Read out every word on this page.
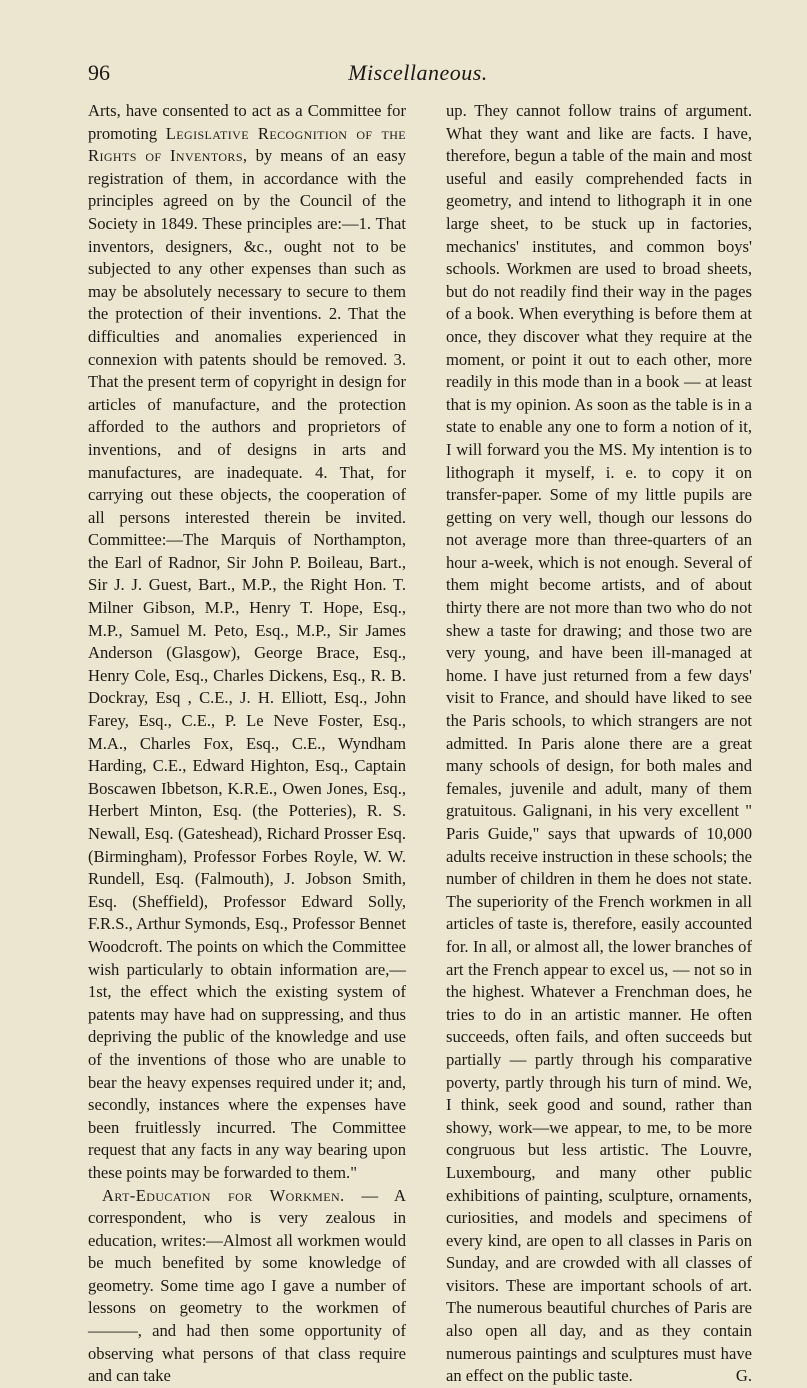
96	Miscellaneous.

Arts, have consented to act as a Committee for promoting Legislative Recognition of the Rights of Inventors, by means of an easy registration of them, in accordance with the principles agreed on by the Council of the Society in 1849. These principles are:—1. That inventors, designers, &c., ought not to be subjected to any other expenses than such as may be absolutely necessary to secure to them the protection of their inventions. 2. That the difficulties and anomalies experienced in connexion with patents should be removed. 3. That the present term of copyright in design for articles of manufacture, and the protection afforded to the authors and proprietors of inventions, and of designs in arts and manufactures, are inadequate. 4. That, for carrying out these objects, the cooperation of all persons interested therein be invited. Committee:—The Marquis of Northampton, the Earl of Radnor, Sir John P. Boileau, Bart., Sir J. J. Guest, Bart., M.P., the Right Hon. T. Milner Gibson, M.P., Henry T. Hope, Esq., M.P., Samuel M. Peto, Esq., M.P., Sir James Anderson (Glasgow), George Brace, Esq., Henry Cole, Esq., Charles Dickens, Esq., R. B. Dockray, Esq , C.E., J. H. Elliott, Esq., John Farey, Esq., C.E., P. Le Neve Foster, Esq., M.A., Charles Fox, Esq., C.E., Wyndham Harding, C.E., Edward Highton, Esq., Captain Boscawen Ibbetson, K.R.E., Owen Jones, Esq., Herbert Minton, Esq. (the Potteries), R. S. Newall, Esq. (Gateshead), Richard Prosser Esq. (Birmingham), Professor Forbes Royle, W. W. Rundell, Esq. (Falmouth), J. Jobson Smith, Esq. (Sheffield), Professor Edward Solly, F.R.S., Arthur Symonds, Esq., Professor Bennet Woodcroft. The points on which the Committee wish particularly to obtain information are,—1st, the effect which the existing system of patents may have had on suppressing, and thus depriving the public of the knowledge and use of the inventions of those who are unable to bear the heavy expenses required under it; and, secondly, instances where the expenses have been fruitlessly incurred. The Committee request that any facts in any way bearing upon these points may be forwarded to them."

Art-Education for Workmen. — A correspondent, who is very zealous in education, writes:—Almost all workmen would be much benefited by some knowledge of geometry. Some time ago I gave a number of lessons on geometry to the workmen of ———, and had then some opportunity of observing what persons of that class require and can take

up. They cannot follow trains of argument. What they want and like are facts. I have, therefore, begun a table of the main and most useful and easily comprehended facts in geometry, and intend to lithograph it in one large sheet, to be stuck up in factories, mechanics' institutes, and common boys' schools. Workmen are used to broad sheets, but do not readily find their way in the pages of a book. When everything is before them at once, they discover what they require at the moment, or point it out to each other, more readily in this mode than in a book — at least that is my opinion. As soon as the table is in a state to enable any one to form a notion of it, I will forward you the MS. My intention is to lithograph it myself, i. e. to copy it on transfer-paper. Some of my little pupils are getting on very well, though our lessons do not average more than three-quarters of an hour a-week, which is not enough. Several of them might become artists, and of about thirty there are not more than two who do not shew a taste for drawing; and those two are very young, and have been ill-managed at home. I have just returned from a few days' visit to France, and should have liked to see the Paris schools, to which strangers are not admitted. In Paris alone there are a great many schools of design, for both males and females, juvenile and adult, many of them gratuitous. Galignani, in his very excellent " Paris Guide," says that upwards of 10,000 adults receive instruction in these schools; the number of children in them he does not state. The superiority of the French workmen in all articles of taste is, therefore, easily accounted for. In all, or almost all, the lower branches of art the French appear to excel us, — not so in the highest. Whatever a Frenchman does, he tries to do in an artistic manner. He often succeeds, often fails, and often succeeds but partially — partly through his comparative poverty, partly through his turn of mind. We, I think, seek good and sound, rather than showy, work—we appear, to me, to be more congruous but less artistic. The Louvre, Luxembourg, and many other public exhibitions of painting, sculpture, ornaments, curiosities, and models and specimens of every kind, are open to all classes in Paris on Sunday, and are crowded with all classes of visitors. These are important schools of art. The numerous beautiful churches of Paris are also open all day, and as they contain numerous paintings and sculptures must have an effect on the public taste.	G.
